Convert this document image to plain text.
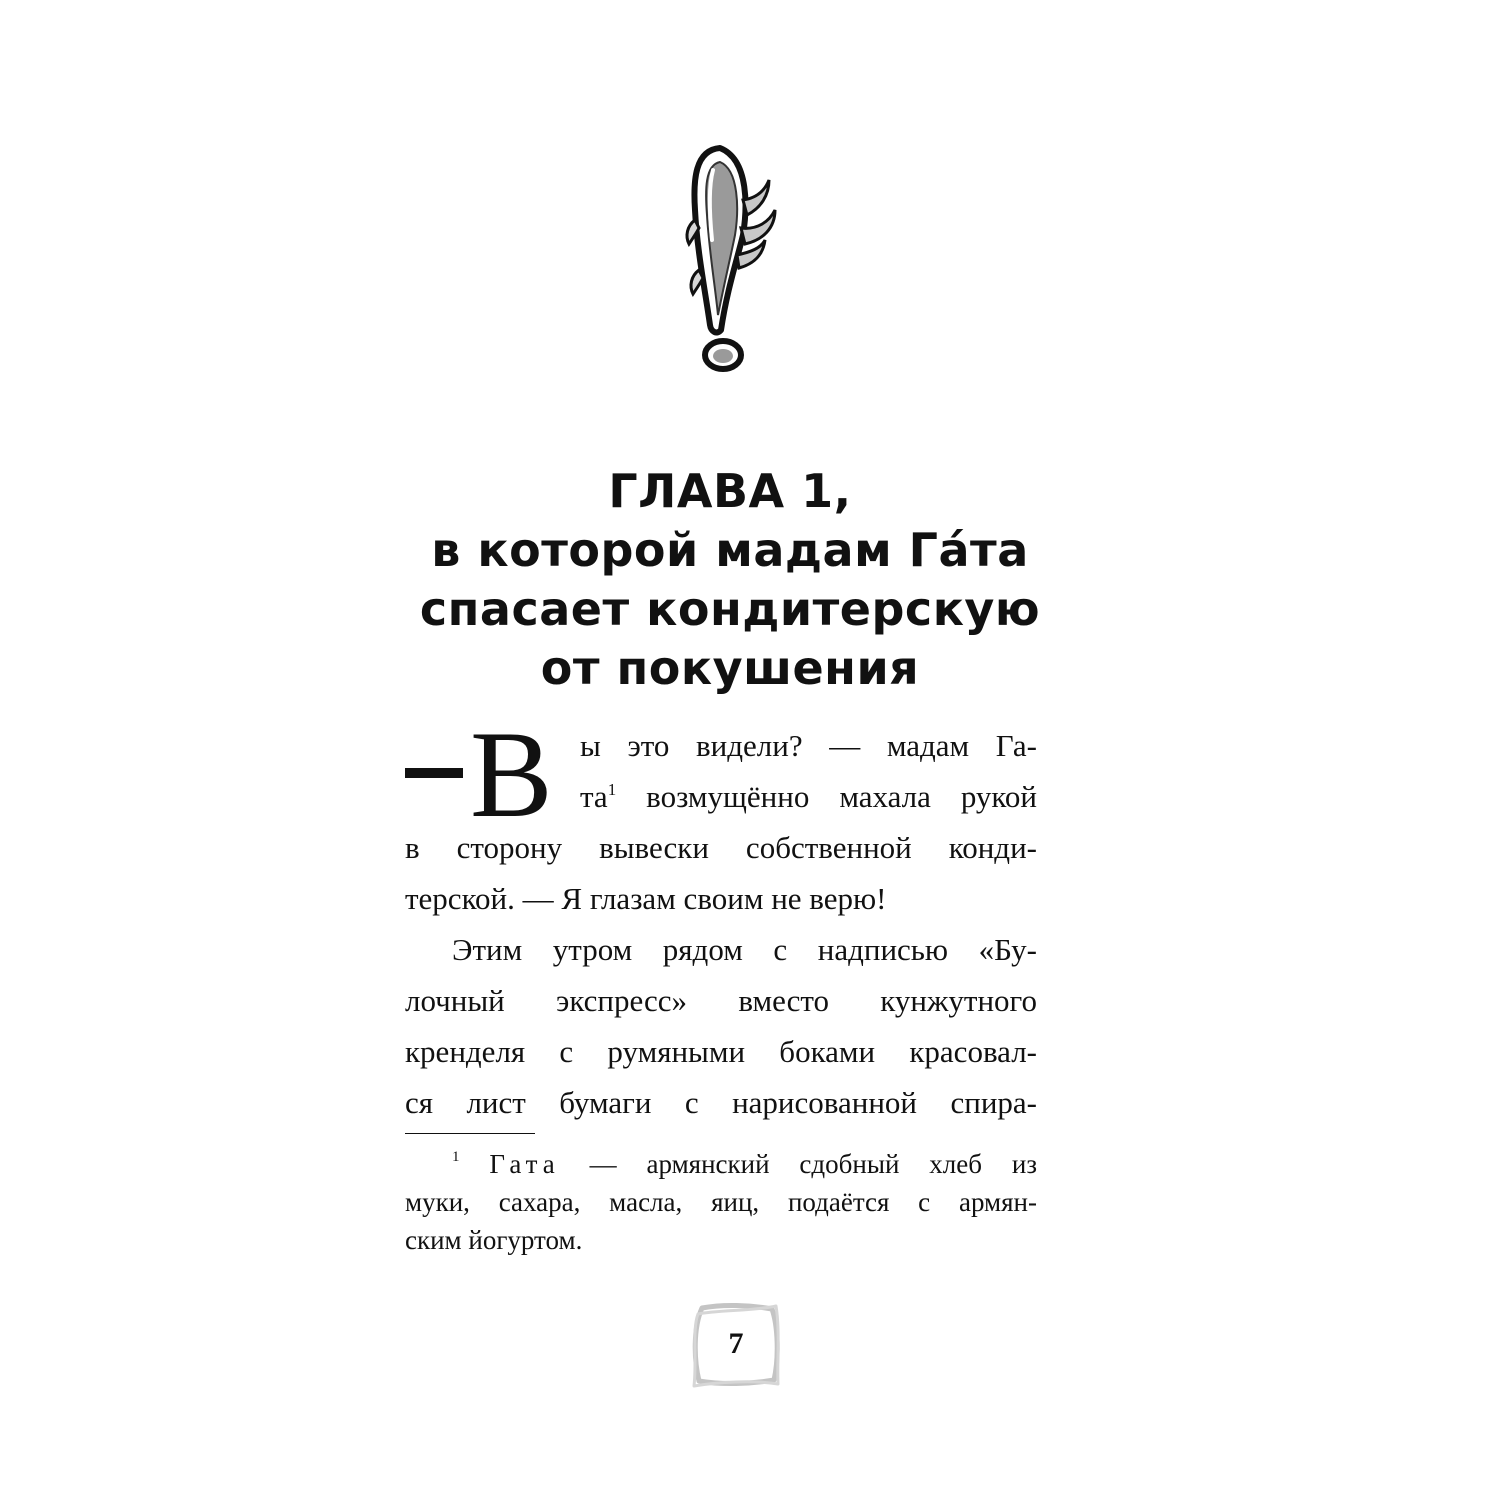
ГЛАВА 1,
в которой мадам Га́та
спасает кондитерскую
от покушения
В ы это видели? — мадам Га-
та$^1$ возмущённо махала рукой
в сторону вывески собственной конди-
терской. — Я глазам своим не верю!
Этим утром рядом с надписью «Бу-
лочный экспресс» вместо кунжутного
кренделя с румяными боками красовал-
ся лист бумаги с нарисованной спира-
$^1$ Гата — армянский сдобный хлеб из
муки, сахара, масла, яиц, подаётся с армян-
ским йогуртом.
7
